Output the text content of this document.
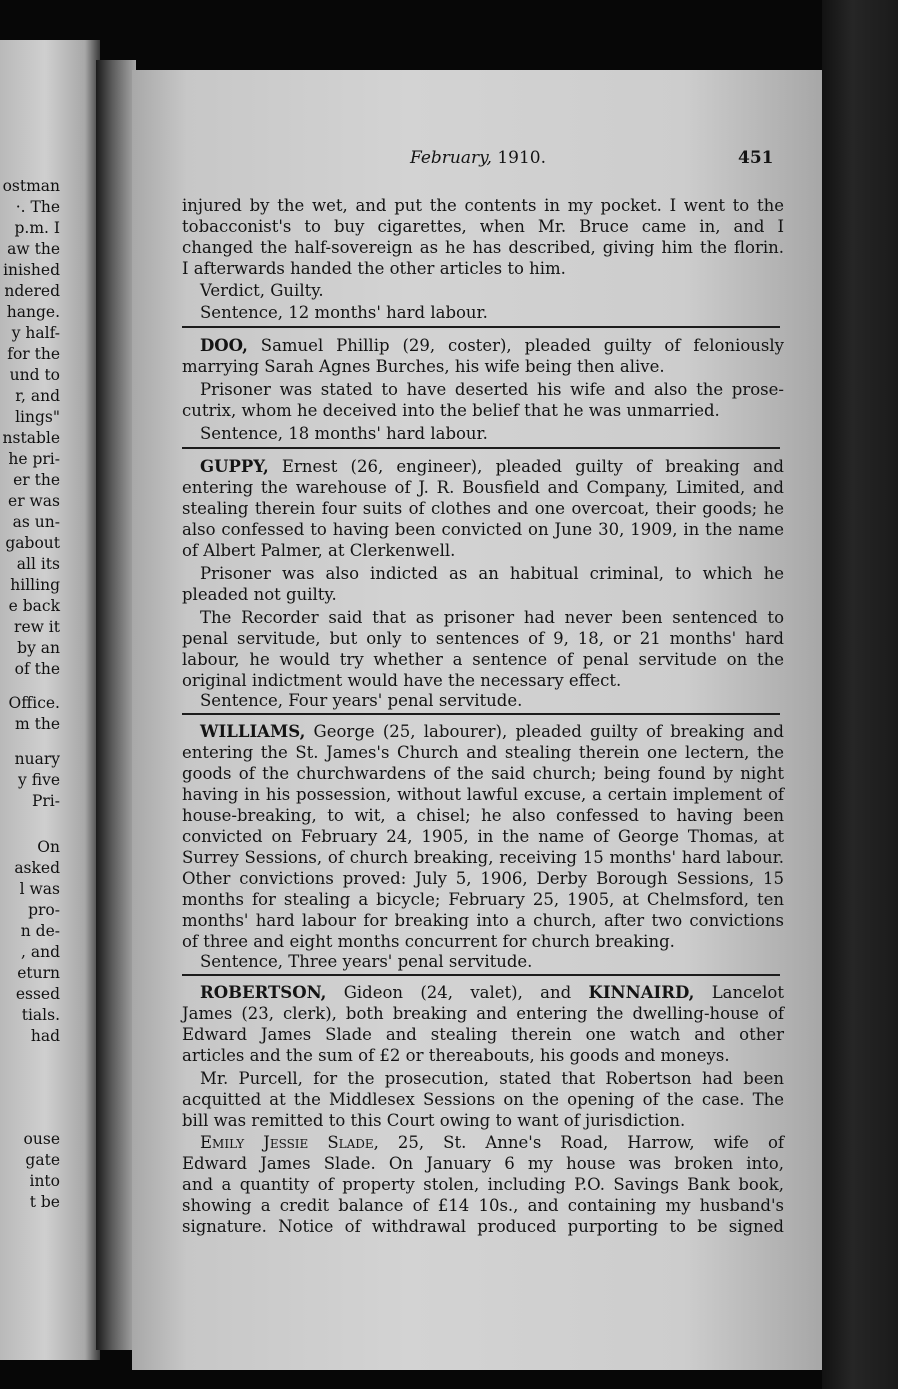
ostman
·. The
p.m. I
aw the
inished
ndered
hange.
y half-
for the
und to
r, and
lings"
nstable
he pri-
er the
er was
as un-
gabout
all its
hilling
e back
rew it
by an
of the
Office.
m the
nuary
y five
Pri-
On
asked
l was
pro-
n de-
, and
eturn
essed
tials.
had
ouse
gate
into
t be
February, 1910.	451
injured by the wet, and put the contents in my pocket. I went to the
tobacconist's to buy cigarettes, when Mr. Bruce came in, and I
changed the half-sovereign as he has described, giving him the florin.
I afterwards handed the other articles to him.
Verdict, Guilty.
Sentence, 12 months' hard labour.
DOO, Samuel Phillip (29, coster), pleaded guilty of feloniously
marrying Sarah Agnes Burches, his wife being then alive.
Prisoner was stated to have deserted his wife and also the prose-
cutrix, whom he deceived into the belief that he was unmarried.
Sentence, 18 months' hard labour.
GUPPY, Ernest (26, engineer), pleaded guilty of breaking and
entering the warehouse of J. R. Bousfield and Company, Limited, and
stealing therein four suits of clothes and one overcoat, their goods; he
also confessed to having been convicted on June 30, 1909, in the name
of Albert Palmer, at Clerkenwell.
Prisoner was also indicted as an habitual criminal, to which he
pleaded not guilty.
The Recorder said that as prisoner had never been sentenced to
penal servitude, but only to sentences of 9, 18, or 21 months' hard
labour, he would try whether a sentence of penal servitude on the
original indictment would have the necessary effect.
Sentence, Four years' penal servitude.
WILLIAMS, George (25, labourer), pleaded guilty of breaking and
entering the St. James's Church and stealing therein one lectern, the
goods of the churchwardens of the said church; being found by night
having in his possession, without lawful excuse, a certain implement of
house-breaking, to wit, a chisel; he also confessed to having been
convicted on February 24, 1905, in the name of George Thomas, at
Surrey Sessions, of church breaking, receiving 15 months' hard labour.
Other convictions proved: July 5, 1906, Derby Borough Sessions, 15
months for stealing a bicycle; February 25, 1905, at Chelmsford, ten
months' hard labour for breaking into a church, after two convictions
of three and eight months concurrent for church breaking.
Sentence, Three years' penal servitude.
ROBERTSON, Gideon (24, valet), and KINNAIRD, Lancelot
James (23, clerk), both breaking and entering the dwelling-house of
Edward James Slade and stealing therein one watch and other
articles and the sum of £2 or thereabouts, his goods and moneys.
Mr. Purcell, for the prosecution, stated that Robertson had been
acquitted at the Middlesex Sessions on the opening of the case. The
bill was remitted to this Court owing to want of jurisdiction.
Emily Jessie Slade, 25, St. Anne's Road, Harrow, wife of
Edward James Slade. On January 6 my house was broken into,
and a quantity of property stolen, including P.O. Savings Bank book,
showing a credit balance of £14 10s., and containing my husband's
signature. Notice of withdrawal produced purporting to be signed
